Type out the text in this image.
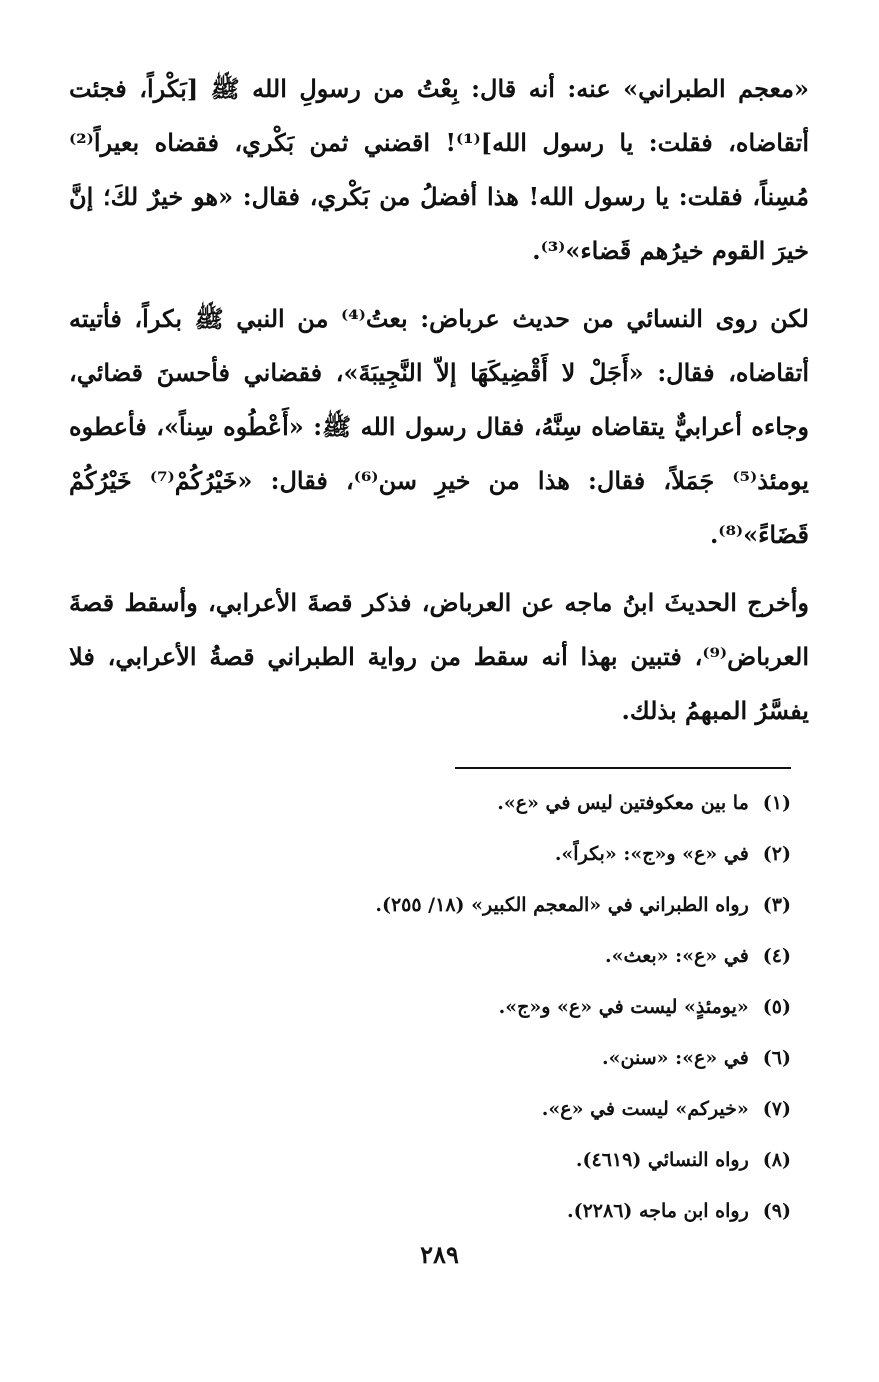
«معجم الطبراني» عنه: أنه قال: بِعْتُ من رسولِ الله ﷺ [بَكْراً، فجئت أتقاضاه، فقلت: يا رسول الله]⁽¹⁾! اقضني ثمن بَكْري، فقضاه بعيراً⁽²⁾ مُسِناً، فقلت: يا رسول الله! هذا أفضلُ من بَكْري، فقال: «هو خيرٌ لكَ؛ إنَّ خيرَ القوم خيرُهم قَضاء»⁽³⁾.

لكن روى النسائي من حديث عرباض: بعتُ⁽⁴⁾ من النبي ﷺ بكراً، فأتيته أتقاضاه، فقال: «أَجَلْ لا أَقْضِيكَهَا إلاّ النَّجِيبَةَ»، فقضاني فأحسنَ قضائي، وجاءه أعرابيٌّ يتقاضاه سِنَّهُ، فقال رسول الله ﷺ: «أَعْطُوه سِناً»، فأعطوه يومئذ⁽⁵⁾ جَمَلاً، فقال: هذا من خيرِ سن⁽⁶⁾، فقال: «خَيْرُكُمْ⁽⁷⁾ خَيْرُكُمْ قَضَاءً»⁽⁸⁾.

وأخرج الحديثَ ابنُ ماجه عن العرباض، فذكر قصةَ الأعرابي، وأسقط قصةَ العرباض⁽⁹⁾، فتبين بهذا أنه سقط من رواية الطبراني قصةُ الأعرابي، فلا يفسَّرُ المبهمُ بذلك.

(١)ما بين معكوفتين ليس في «ع».
(٢)في «ع» و«ج»: «بكراً».
(٣)رواه الطبراني في «المعجم الكبير» (١٨/ ٢٥٥).
(٤)في «ع»: «بعث».
(٥)«يومئذٍ» ليست في «ع» و«ج».
(٦)في «ع»: «سنن».
(٧)«خيركم» ليست في «ع».
(٨)رواه النسائي (٤٦١٩).
(٩)رواه ابن ماجه (٢٢٨٦).
٢٨٩
